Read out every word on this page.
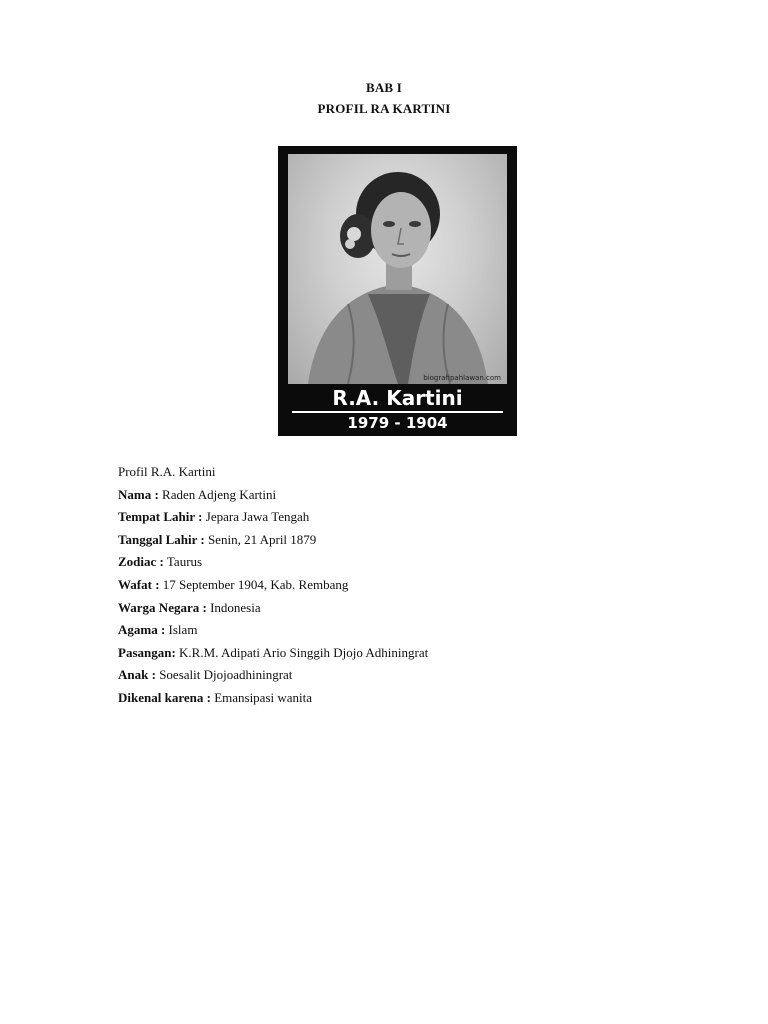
BAB I
PROFIL RA KARTINI
biografipahlawan.com
R.A. Kartini
1979 - 1904
Profil R.A. Kartini
Nama : Raden Adjeng Kartini
Tempat Lahir : Jepara Jawa Tengah
Tanggal Lahir : Senin, 21 April 1879
Zodiac : Taurus
Wafat : 17 September 1904, Kab. Rembang
Warga Negara : Indonesia
Agama : Islam
Pasangan: K.R.M. Adipati Ario Singgih Djojo Adhiningrat
Anak : Soesalit Djojoadhiningrat
Dikenal karena : Emansipasi wanita
